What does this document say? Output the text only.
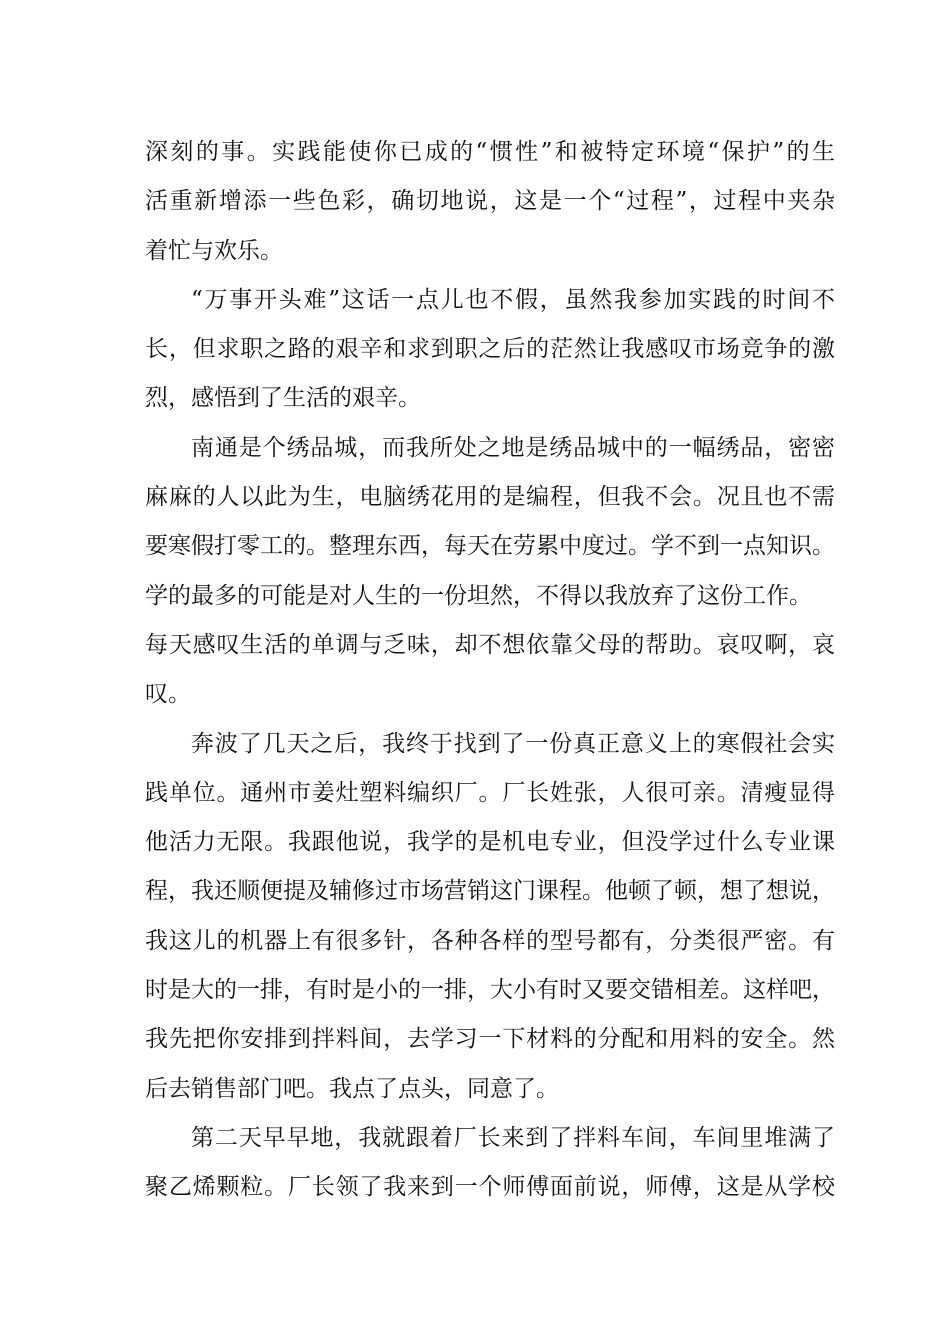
深刻的事。实践能使你已成的“惯性”和被特定环境“保护”的生
活重新增添一些色彩，确切地说，这是一个“过程”，过程中夹杂
着忙与欢乐。
“万事开头难”这话一点儿也不假，虽然我参加实践的时间不
长，但求职之路的艰辛和求到职之后的茫然让我感叹市场竞争的激
烈，感悟到了生活的艰辛。
南通是个绣品城，而我所处之地是绣品城中的一幅绣品，密密
麻麻的人以此为生，电脑绣花用的是编程，但我不会。况且也不需
要寒假打零工的。整理东西，每天在劳累中度过。学不到一点知识。
学的最多的可能是对人生的一份坦然，不得以我放弃了这份工作。
每天感叹生活的单调与乏味，却不想依靠父母的帮助。哀叹啊，哀
叹。
奔波了几天之后，我终于找到了一份真正意义上的寒假社会实
践单位。通州市姜灶塑料编织厂。厂长姓张，人很可亲。清瘦显得
他活力无限。我跟他说，我学的是机电专业，但没学过什么专业课
程，我还顺便提及辅修过市场营销这门课程。他顿了顿，想了想说，
我这儿的机器上有很多针，各种各样的型号都有，分类很严密。有
时是大的一排，有时是小的一排，大小有时又要交错相差。这样吧，
我先把你安排到拌料间，去学习一下材料的分配和用料的安全。然
后去销售部门吧。我点了点头，同意了。
第二天早早地，我就跟着厂长来到了拌料车间，车间里堆满了
聚乙烯颗粒。厂长领了我来到一个师傅面前说，师傅，这是从学校
